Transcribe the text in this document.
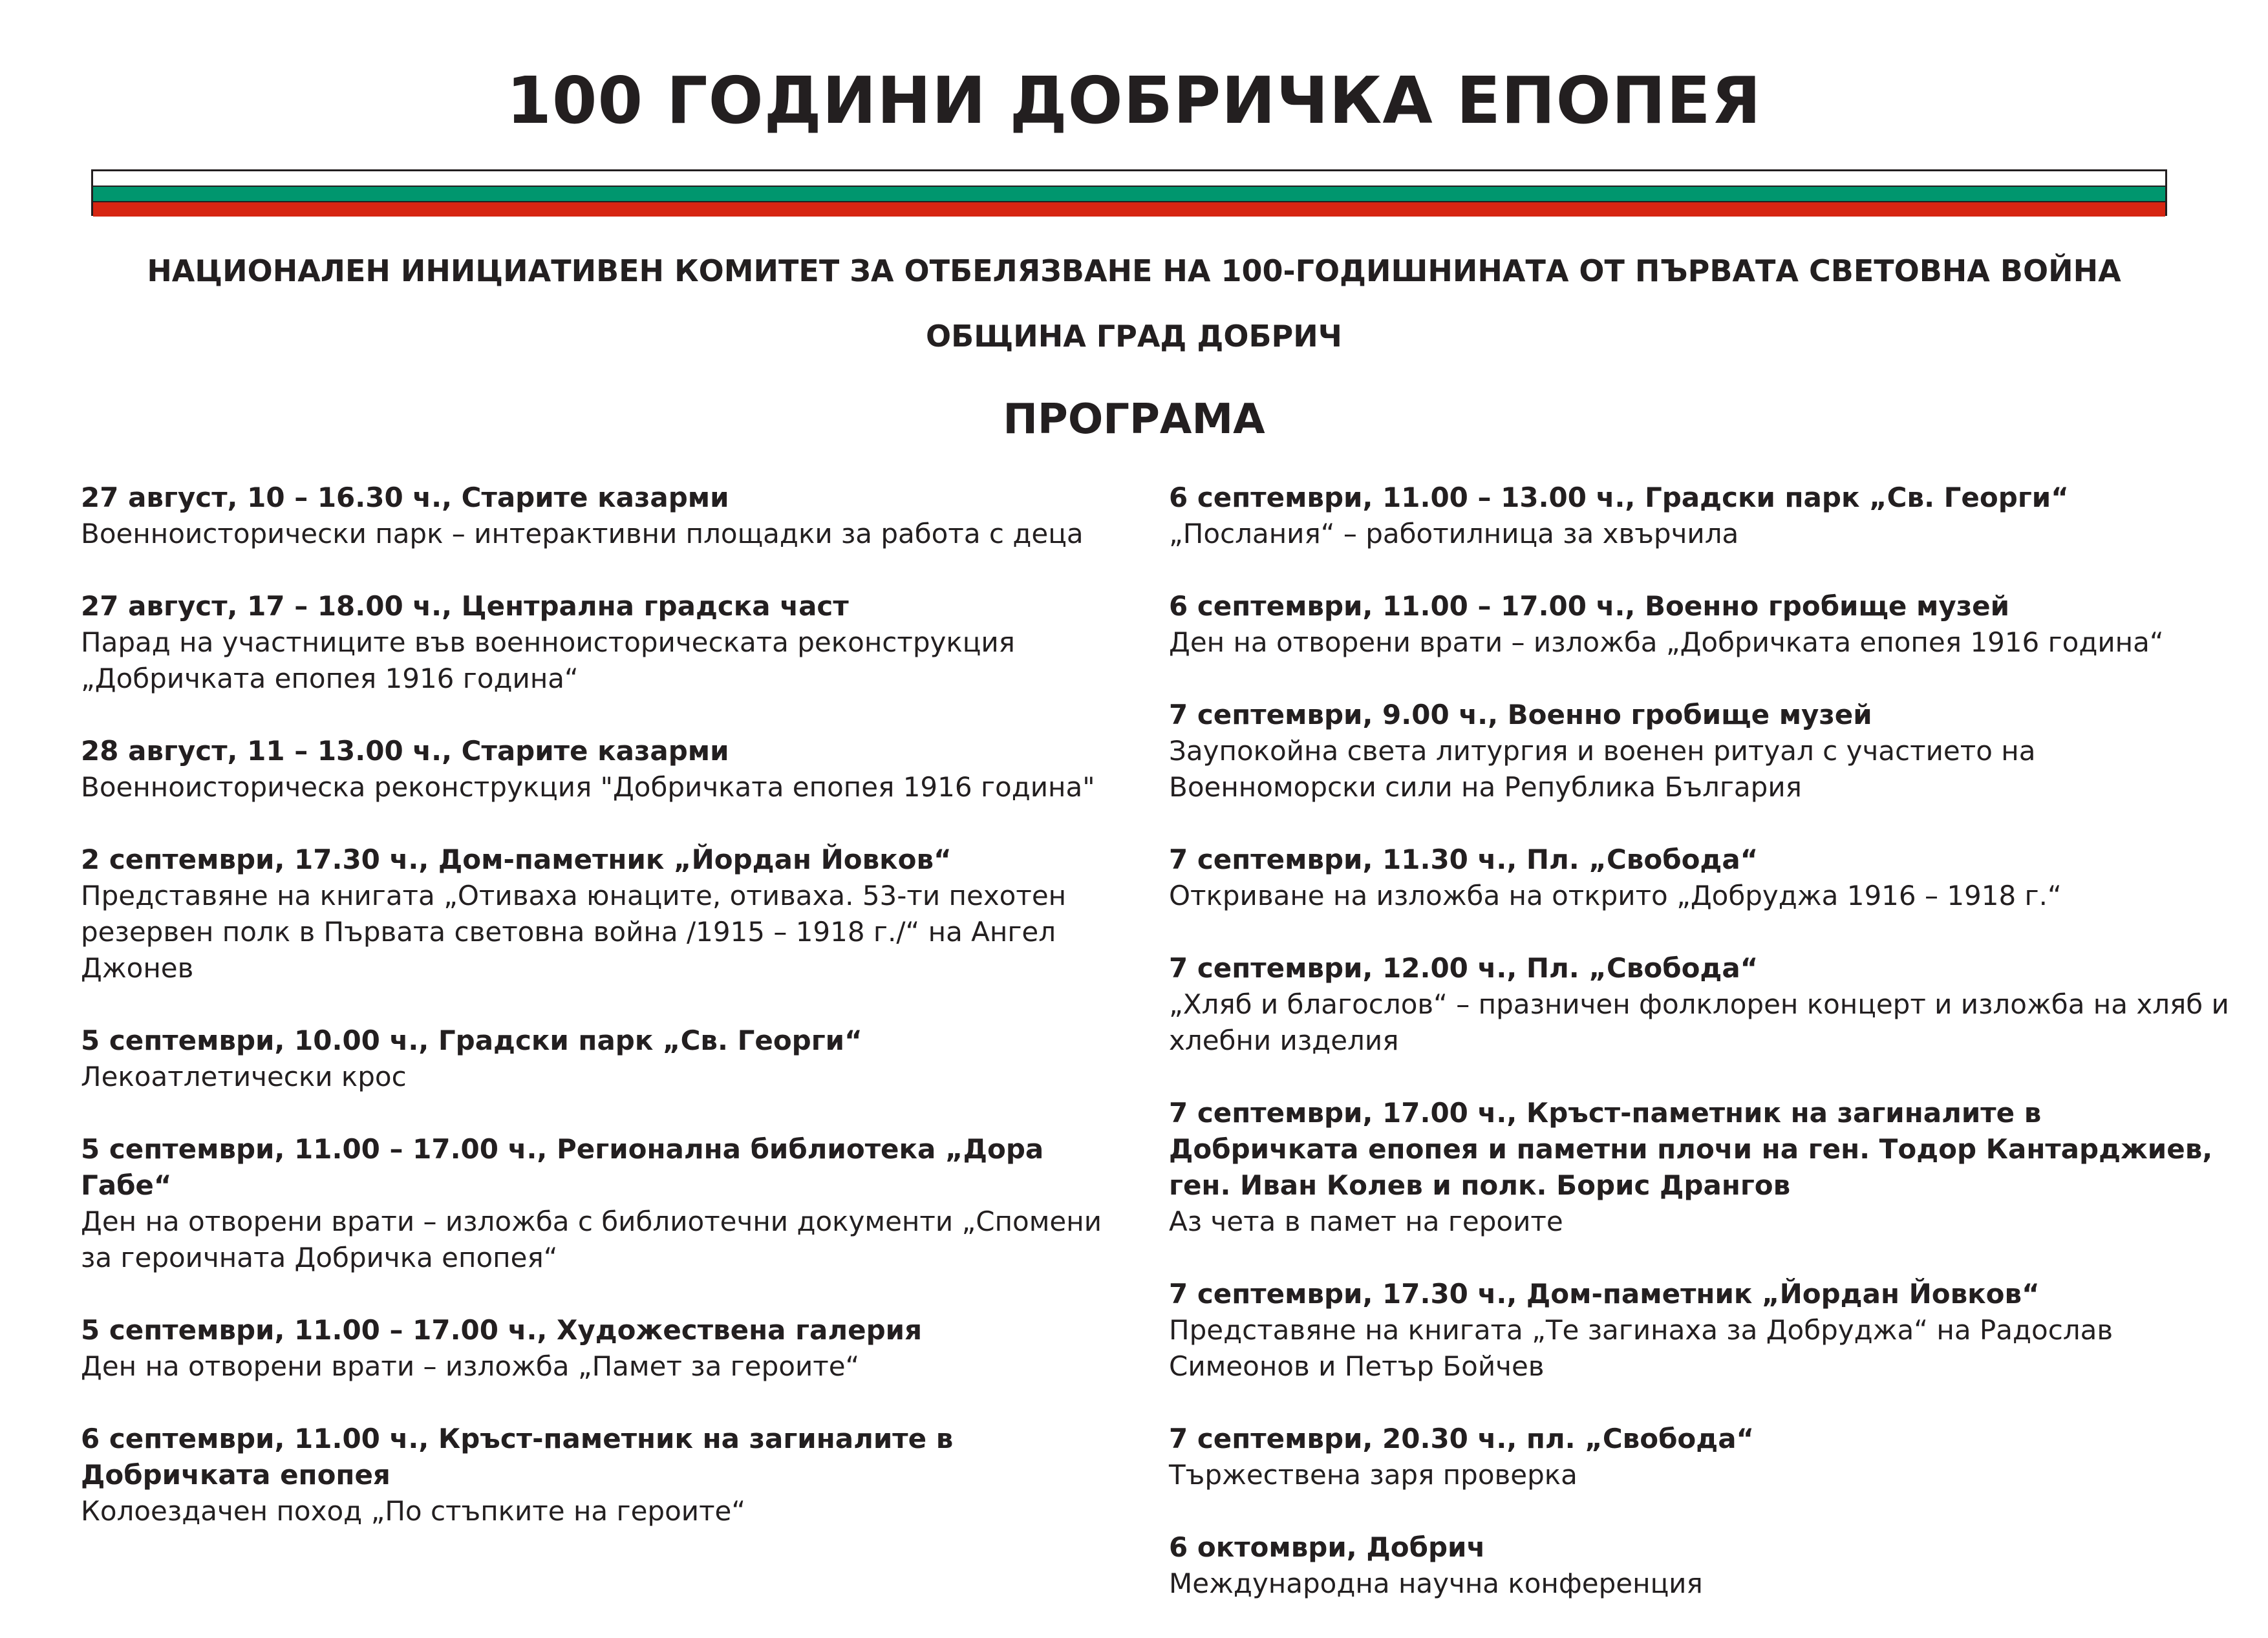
100 ГОДИНИ ДОБРИЧКА ЕПОПЕЯ

НАЦИОНАЛЕН ИНИЦИАТИВЕН КОМИТЕТ ЗА ОТБЕЛЯЗВАНЕ НА 100-ГОДИШНИНАТА ОТ ПЪРВАТА СВЕТОВНА ВОЙНА

ОБЩИНА ГРАД ДОБРИЧ

ПРОГРАМА
27 август, 10 – 16.30 ч., Старите казарми
Военноисторически парк – интерактивни площадки за работа с деца
27 август, 17 – 18.00 ч., Централна градска част
Парад на участниците във военноисторическата реконструкция „Добричката епопея 1916 година“
28 август, 11 – 13.00 ч., Старите казарми
Военноисторическа реконструкция "Добричката епопея 1916 година"
2 септември, 17.30 ч., Дом-паметник „Йордан Йовков“
Представяне на книгата „Отиваха юнаците, отиваха. 53-ти пехотен резервен полк в Първата световна война /1915 – 1918 г./“ на Ангел Джонев
5 септември, 10.00 ч., Градски парк „Св. Георги“
Лекоатлетически крос
5 септември, 11.00 – 17.00 ч., Регионална библиотека „Дора Габе“
Ден на отворени врати – изложба с библиотечни документи „Спомени за героичната Добричка епопея“
5 септември, 11.00 – 17.00 ч., Художествена галерия
Ден на отворени врати – изложба „Памет за героите“
6 септември, 11.00 ч., Кръст-паметник на загиналите в Добричката епопея
Колоездачен поход „По стъпките на героите“
6 септември, 11.00 – 13.00 ч., Градски парк „Св. Георги“
„Послания“ – работилница за хвърчила
6 септември, 11.00 – 17.00 ч., Военно гробище музей
Ден на отворени врати – изложба „Добричката епопея 1916 година“
7 септември, 9.00 ч., Военно гробище музей
Заупокойна света литургия и военен ритуал с участието на Военноморски сили на Република България
7 септември, 11.30 ч., Пл. „Свобода“
Откриване на изложба на открито „Добруджа 1916 – 1918 г.“
7 септември, 12.00 ч., Пл. „Свобода“
„Хляб и благослов“ – празничен фолклорен концерт и изложба на хляб и хлебни изделия
7 септември, 17.00 ч., Кръст-паметник на загиналите в Добричката епопея и паметни плочи на ген. Тодор Кантарджиев, ген. Иван Колев и полк. Борис Дрангов
Аз чета в памет на героите
7 септември, 17.30 ч., Дом-паметник „Йордан Йовков“
Представяне на книгата „Те загинаха за Добруджа“ на Радослав Симеонов и Петър Бойчев
7 септември, 20.30 ч., пл. „Свобода“
Тържествена заря проверка
6 октомври, Добрич
Международна научна конференция
